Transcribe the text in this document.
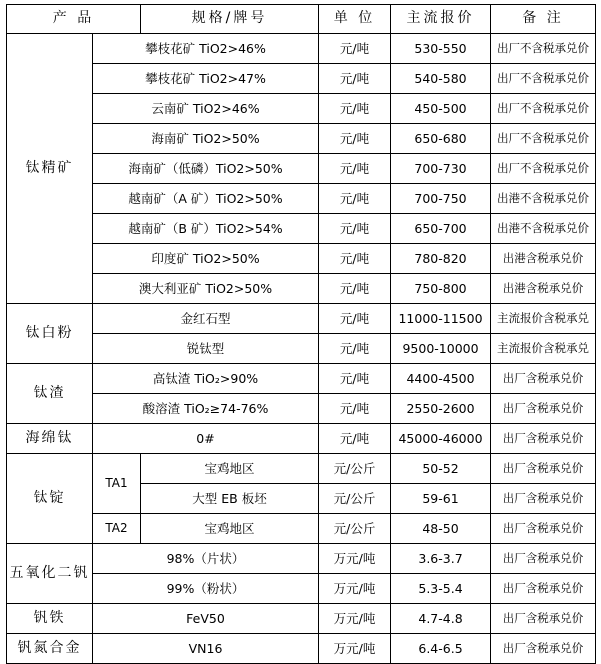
产 品		规格/牌号	单 位	主流报价	备 注
钛精矿	攀枝花矿 TiO2>46%		元/吨	530-550	出厂不含税承兑价
	攀枝花矿 TiO2>47%		元/吨	540-580	出厂不含税承兑价
	云南矿 TiO2>46%		元/吨	450-500	出厂不含税承兑价
	海南矿 TiO2>50%		元/吨	650-680	出厂不含税承兑价
	海南矿（低磷）TiO2>50%		元/吨	700-730	出厂不含税承兑价
	越南矿（A 矿）TiO2>50%		元/吨	700-750	出港不含税承兑价
	越南矿（B 矿）TiO2>54%		元/吨	650-700	出港不含税承兑价
	印度矿 TiO2>50%		元/吨	780-820	出港含税承兑价
	澳大利亚矿 TiO2>50%		元/吨	750-800	出港含税承兑价
钛白粉	金红石型		元/吨	11000-11500	主流报价含税承兑
	锐钛型		元/吨	9500-10000	主流报价含税承兑
钛渣	高钛渣 TiO₂>90%		元/吨	4400-4500	出厂含税承兑价
	酸溶渣 TiO₂≥74-76%		元/吨	2550-2600	出厂含税承兑价
海绵钛	0#		元/吨	45000-46000	出厂含税承兑价
钛锭	TA1	宝鸡地区	元/公斤	50-52	出厂含税承兑价
		大型 EB 板坯	元/公斤	59-61	出厂含税承兑价
	TA2	宝鸡地区	元/公斤	48-50	出厂含税承兑价
五氧化二钒	98%（片状）		万元/吨	3.6-3.7	出厂含税承兑价
	99%（粉状）		万元/吨	5.3-5.4	出厂含税承兑价
钒铁	FeV50		万元/吨	4.7-4.8	出厂含税承兑价
钒氮合金	VN16		万元/吨	6.4-6.5	出厂含税承兑价
